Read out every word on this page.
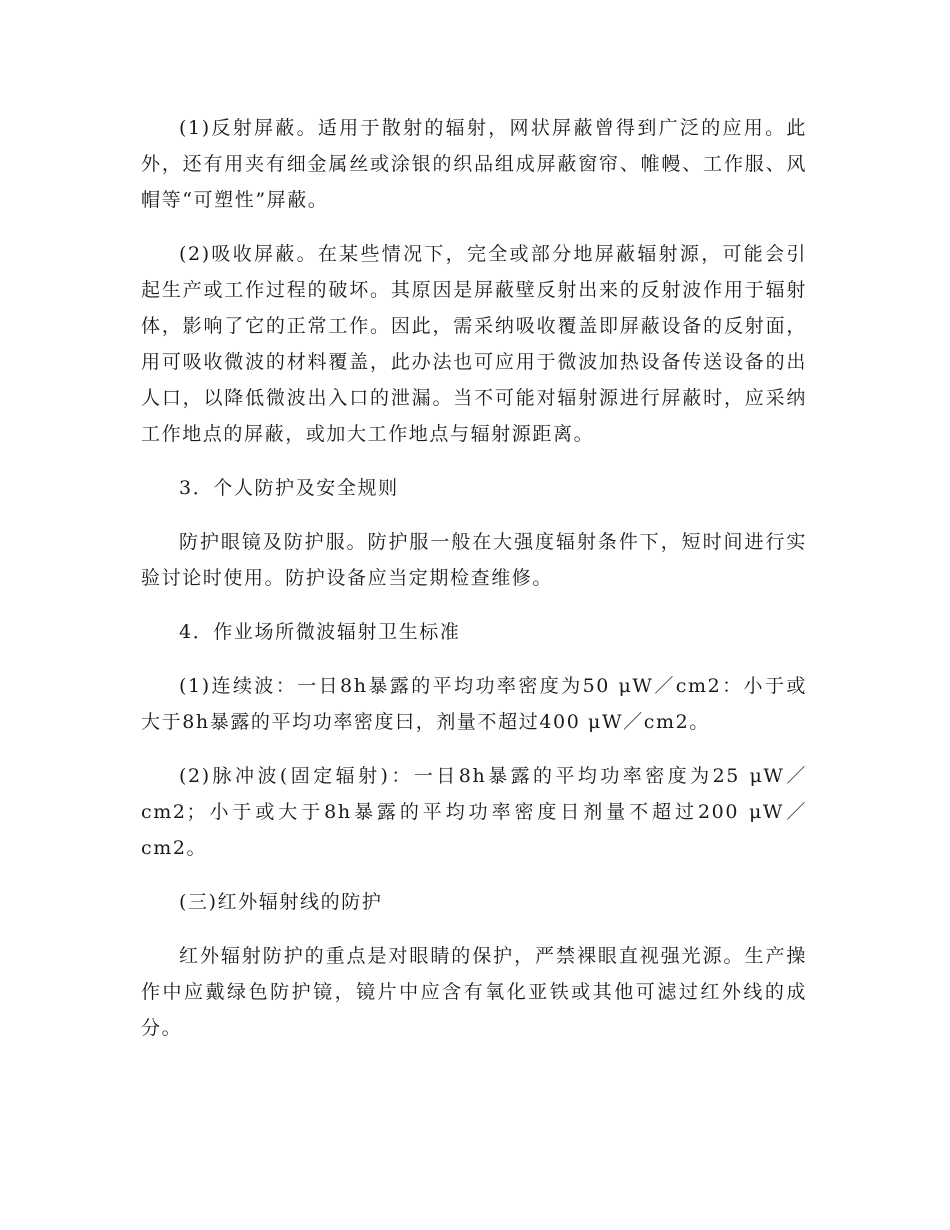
(1)反射屏蔽。适用于散射的辐射，网状屏蔽曾得到广泛的应用。此外，还有用夹有细金属丝或涂银的织品组成屏蔽窗帘、帷幔、工作服、风帽等“可塑性”屏蔽。

(2)吸收屏蔽。在某些情况下，完全或部分地屏蔽辐射源，可能会引起生产或工作过程的破坏。其原因是屏蔽壁反射出来的反射波作用于辐射体，影响了它的正常工作。因此，需采纳吸收覆盖即屏蔽设备的反射面，用可吸收微波的材料覆盖，此办法也可应用于微波加热设备传送设备的出人口，以降低微波出入口的泄漏。当不可能对辐射源进行屏蔽时，应采纳工作地点的屏蔽，或加大工作地点与辐射源距离。

3．个人防护及安全规则

防护眼镜及防护服。防护服一般在大强度辐射条件下，短时间进行实验讨论时使用。防护设备应当定期检查维修。

4．作业场所微波辐射卫生标准

(1)连续波：一日8h暴露的平均功率密度为50 μW／cm2：小于或大于8h暴露的平均功率密度曰，剂量不超过400 μW／cm2。

(2)脉冲波(固定辐射)：一日8h暴露的平均功率密度为25 μW／cm2；小于或大于8h暴露的平均功率密度日剂量不超过200 μW／cm2。

(三)红外辐射线的防护

红外辐射防护的重点是对眼睛的保护，严禁裸眼直视强光源。生产操作中应戴绿色防护镜，镜片中应含有氧化亚铁或其他可滤过红外线的成分。
